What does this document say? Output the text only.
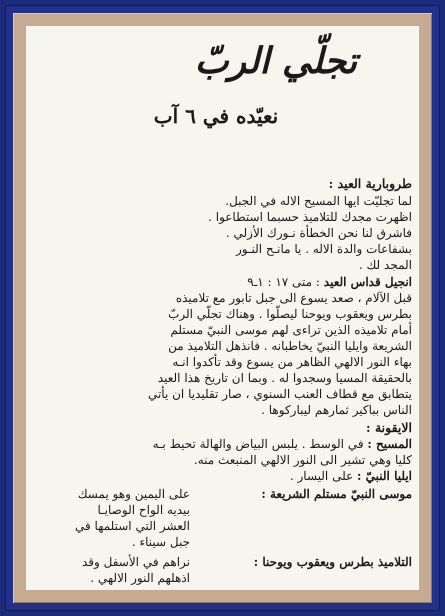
تجلّي الربّ
نعيّده في ٦ آب
طروبارية العيد :
لما تجليّت ايها المسيح الاله في الجبل.
اظهرت مجدك للتلاميذ حسبما استطاعوا .
فاشرق لنا نحن الخطأة نـورك الأزلي .
بشفاعات والدة الاله . يا مانـح النـور
المجد لك .
انجيل قداس العيد : متى ١٧ : ١ـ٩
قبل الآلام ، صعد يسوع الى جبل تابور مع تلاميذه
بطرس ويعقوب ويوحنا ليصلّوا . وهناك تجلّي الربّ
أمام تلاميذه الذين تراءى لهم موسى النبيّ مستلم
الشريعة وايليا النبيّ يخاطبانه . فانذهل التلاميذ من
بهاء النور الالهي الظاهر من يسوع وقد تأكدوا انـه
بالحقيقة المسيا وسجدوا له . وبما ان تاريخ هذا العيد
يتطابق مع قطاف العنب السنوي ، صار تقليديا ان يأتي
الناس بباكير ثمارهم ليباركوها .
الايقونة :
المسيح : في الوسط . يلبس البياض والهالة تحيط بـه
كليا وهي تشير الى النور الالهي المنبعث منه.
ايليا النبيّ : على اليسار .
موسى النبيّ مستلم الشريعة :
على اليمين وهو يمسك
بيديه الواح الوصايـا
العشر التي استلمها في
جبل سيناء .
التلاميذ بطرس ويعقوب ويوحنا :
نراهم في الأسفل وقد
اذهلهم النور الالهي .
